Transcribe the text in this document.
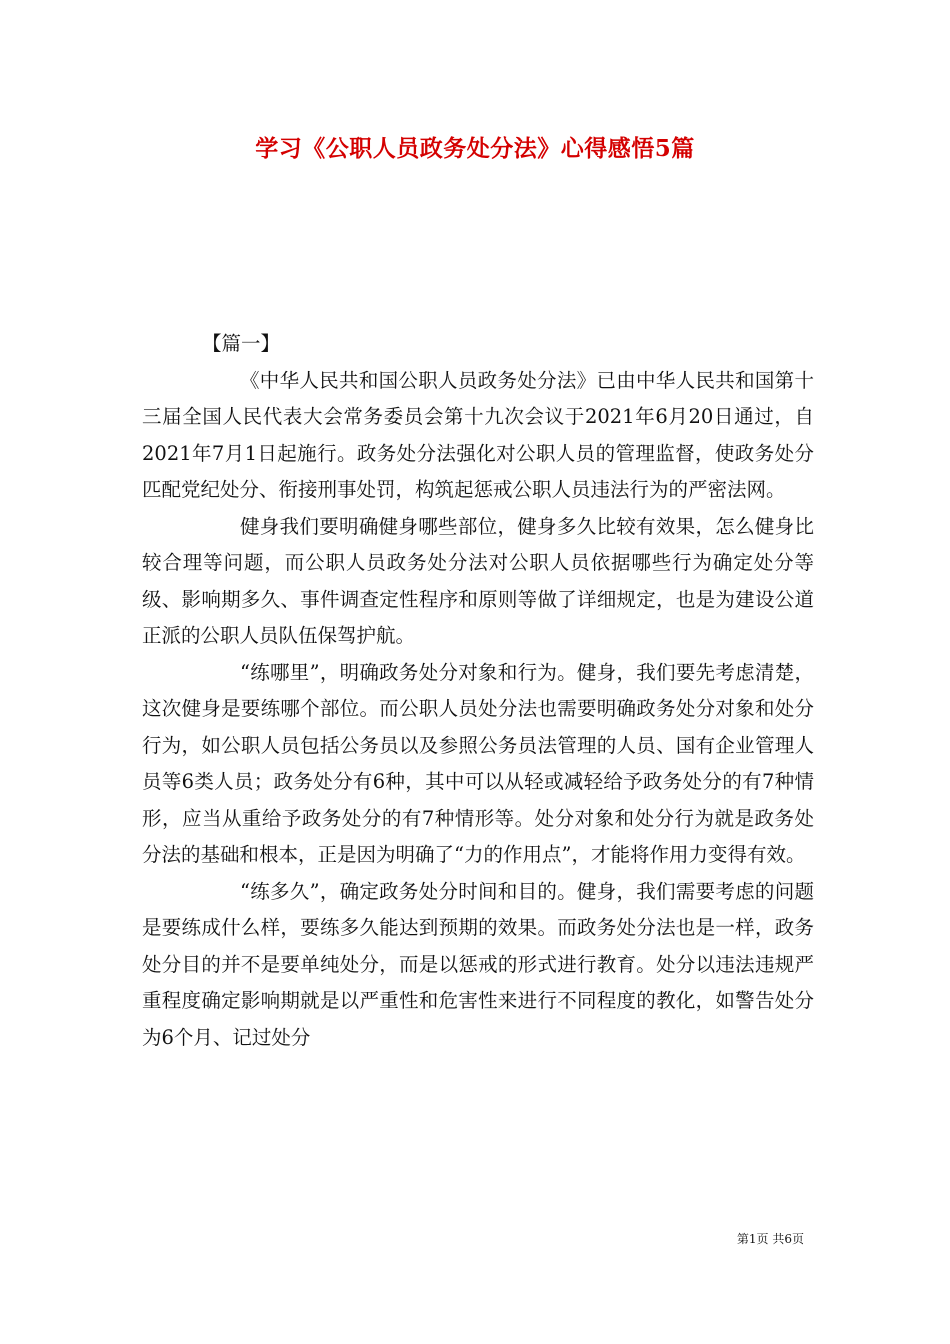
学习《公职人员政务处分法》心得感悟5篇

【篇一】

《中华人民共和国公职人员政务处分法》已由中华人民共和国第十三届全国人民代表大会常务委员会第十九次会议于2021年6月20日通过，自2021年7月1日起施行。政务处分法强化对公职人员的管理监督，使政务处分匹配党纪处分、衔接刑事处罚，构筑起惩戒公职人员违法行为的严密法网。

健身我们要明确健身哪些部位，健身多久比较有效果，怎么健身比较合理等问题，而公职人员政务处分法对公职人员依据哪些行为确定处分等级、影响期多久、事件调查定性程序和原则等做了详细规定，也是为建设公道正派的公职人员队伍保驾护航。

“练哪里”，明确政务处分对象和行为。健身，我们要先考虑清楚，这次健身是要练哪个部位。而公职人员处分法也需要明确政务处分对象和处分行为，如公职人员包括公务员以及参照公务员法管理的人员、国有企业管理人员等6类人员；政务处分有6种，其中可以从轻或减轻给予政务处分的有7种情形，应当从重给予政务处分的有7种情形等。处分对象和处分行为就是政务处分法的基础和根本，正是因为明确了“力的作用点”，才能将作用力变得有效。

“练多久”，确定政务处分时间和目的。健身，我们需要考虑的问题是要练成什么样，要练多久能达到预期的效果。而政务处分法也是一样，政务处分目的并不是要单纯处分，而是以惩戒的形式进行教育。处分以违法违规严重程度确定影响期就是以严重性和危害性来进行不同程度的教化，如警告处分为6个月、记过处分

第1页 共6页
